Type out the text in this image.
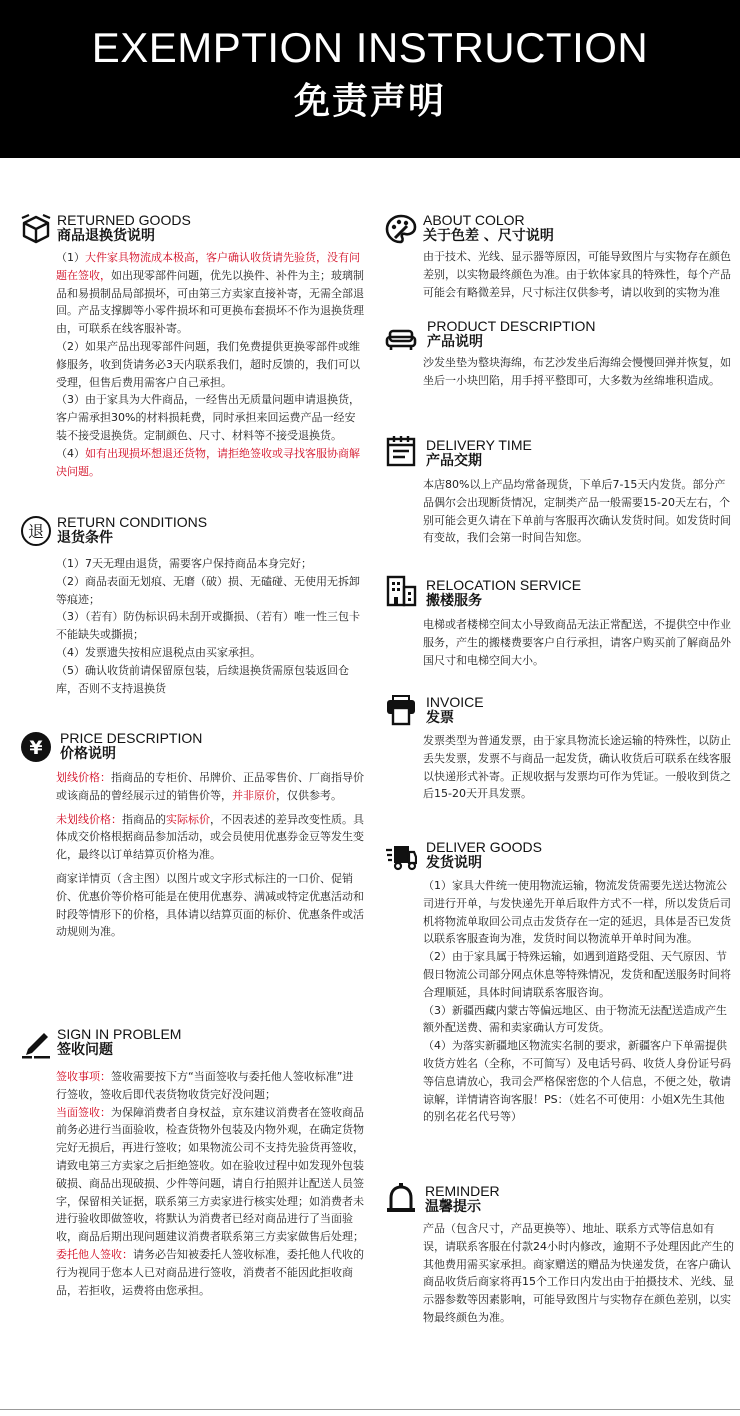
EXEMPTION INSTRUCTION
免责声明
RETURNED GOODS
商品退换货说明

（1）大件家具物流成本极高，客户确认收货请先验货，没有问题在签收，如出现零部件问题，优先以换件、补件为主；玻璃制品和易损制品局部损坏，可由第三方卖家直接补寄，无需全部退回。产品支撑脚等小零件损坏和可更换布套损坏不作为退换货理由，可联系在线客服补寄。

（2）如果产品出现零部件问题，我们免费提供更换零部件或维修服务，收到货请务必3天内联系我们，超时反馈的，我们可以受理，但售后费用需客户自己承担。

（3）由于家具为大件商品，一经售出无质量问题申请退换货，客户需承担30%的材料损耗费，同时承担来回运费产品一经安装不接受退换货。定制颜色、尺寸、材料等不接受退换货。

（4）如有出现损坏想退还货物，请拒绝签收或寻找客服协商解决问题。

退 RETURN CONDITIONS
退货条件

（1）7天无理由退货，需要客户保持商品本身完好；

（2）商品表面无划痕、无磨（破）损、无磕碰、无使用无拆卸等痕迹；

（3）（若有）防伪标识码未刮开或撕损、（若有）唯一性三包卡不能缺失或撕损；

（4）发票遗失按相应退税点由买家承担。

（5）确认收货前请保留原包装，后续退换货需原包装返回仓库，否则不支持退换货

¥ PRICE DESCRIPTION
价格说明

划线价格：指商品的专柜价、吊牌价、正品零售价、厂商指导价或该商品的曾经展示过的销售价等，并非原价，仅供参考。

未划线价格：指商品的实际标价，不因表述的差异改变性质。具体成交价格根据商品参加活动，或会员使用优惠券金豆等发生变化，最终以订单结算页价格为准。

商家详情页（含主图）以图片或文字形式标注的一口价、促销价、优惠价等价格可能是在使用优惠券、满减或特定优惠活动和时段等情形下的价格，具体请以结算页面的标价、优惠条件或活动规则为准。

SIGN IN PROBLEM
签收问题

签收事项：签收需要按下方“当面签收与委托他人签收标准”进行签收，签收后即代表货物收货完好没问题；

当面签收：为保障消费者自身权益，京东建议消费者在签收商品前务必进行当面验收，检查货物外包装及内物外观，在确定货物完好无损后，再进行签收；如果物流公司不支持先验货再签收，请致电第三方卖家之后拒绝签收。如在验收过程中如发现外包装破损、商品出现破损、少件等问题，请自行拍照并让配送人员签字，保留相关证据，联系第三方卖家进行核实处理；如消费者未进行验收即做签收，将默认为消费者已经对商品进行了当面验收，商品后期出现问题建议消费者联系第三方卖家做售后处理；

委托他人签收：请务必告知被委托人签收标准，委托他人代收的行为视同于您本人已对商品进行签收，消费者不能因此拒收商品，若拒收，运费将由您承担。

ABOUT COLOR
关于色差 、尺寸说明

由于技术、光线、显示器等原因，可能导致图片与实物存在颜色差别，以实物最终颜色为准。由于软体家具的特殊性，每个产品可能会有略微差异，尺寸标注仅供参考，请以收到的实物为准

PRODUCT DESCRIPTION
产品说明

沙发坐垫为整块海绵，布艺沙发坐后海绵会慢慢回弹并恢复，如坐后一小块凹陷，用手捋平整即可，大多数为丝绵堆积造成。

DELIVERY TIME
产品交期

本店80%以上产品均常备现货，下单后7-15天内发货。部分产品偶尔会出现断货情况，定制类产品一般需要15-20天左右，个别可能会更久请在下单前与客服再次确认发货时间。如发货时间有变故，我们会第一时间告知您。

RELOCATION SERVICE
搬楼服务

电梯或者楼梯空间太小导致商品无法正常配送，不提供空中作业服务，产生的搬楼费要客户自行承担，请客户购买前了解商品外国尺寸和电梯空间大小。

INVOICE
发票

发票类型为普通发票，由于家具物流长途运输的特殊性，以防止丢失发票，发票不与商品一起发货，确认收货后可联系在线客服以快递形式补寄。正规收据与发票均可作为凭证。一般收到货之后15-20天开具发票。

DELIVER GOODS
发货说明

（1）家具大件统一使用物流运输，物流发货需要先送达物流公司进行开单，与发快递先开单后取件方式不一样，所以发货后司机将物流单取回公司点击发货存在一定的延迟，具体是否已发货以联系客服查询为准，发货时间以物流单开单时间为准。

（2）由于家具属于特殊运输，如遇到道路受阻、天气原因、节假日物流公司部分网点休息等特殊情况，发货和配送服务时间将合理顺延，具体时间请联系客服咨询。

（3）新疆西藏内蒙古等偏远地区、由于物流无法配送造成产生额外配送费、需和卖家确认方可发货。

（4）为落实新疆地区物流实名制的要求，新疆客户下单需提供收货方姓名（全称，不可简写）及电话号码、收货人身份证号码等信息请放心，我司会严格保密您的个人信息，不便之处，敬请谅解，详情请咨询客服！PS：（姓名不可使用：小姐X先生其他的别名花名代号等）

REMINDER
温馨提示

产品（包含尺寸，产品更换等）、地址、联系方式等信息如有误，请联系客服在付款24小时内修改，逾期不予处理因此产生的其他费用需买家承担。商家赠送的赠品为快递发货，在客户确认商品收货后商家将再15个工作日内发出由于拍摄技术、光线、显示器参数等因素影响，可能导致图片与实物存在颜色差别，以实物最终颜色为准。
